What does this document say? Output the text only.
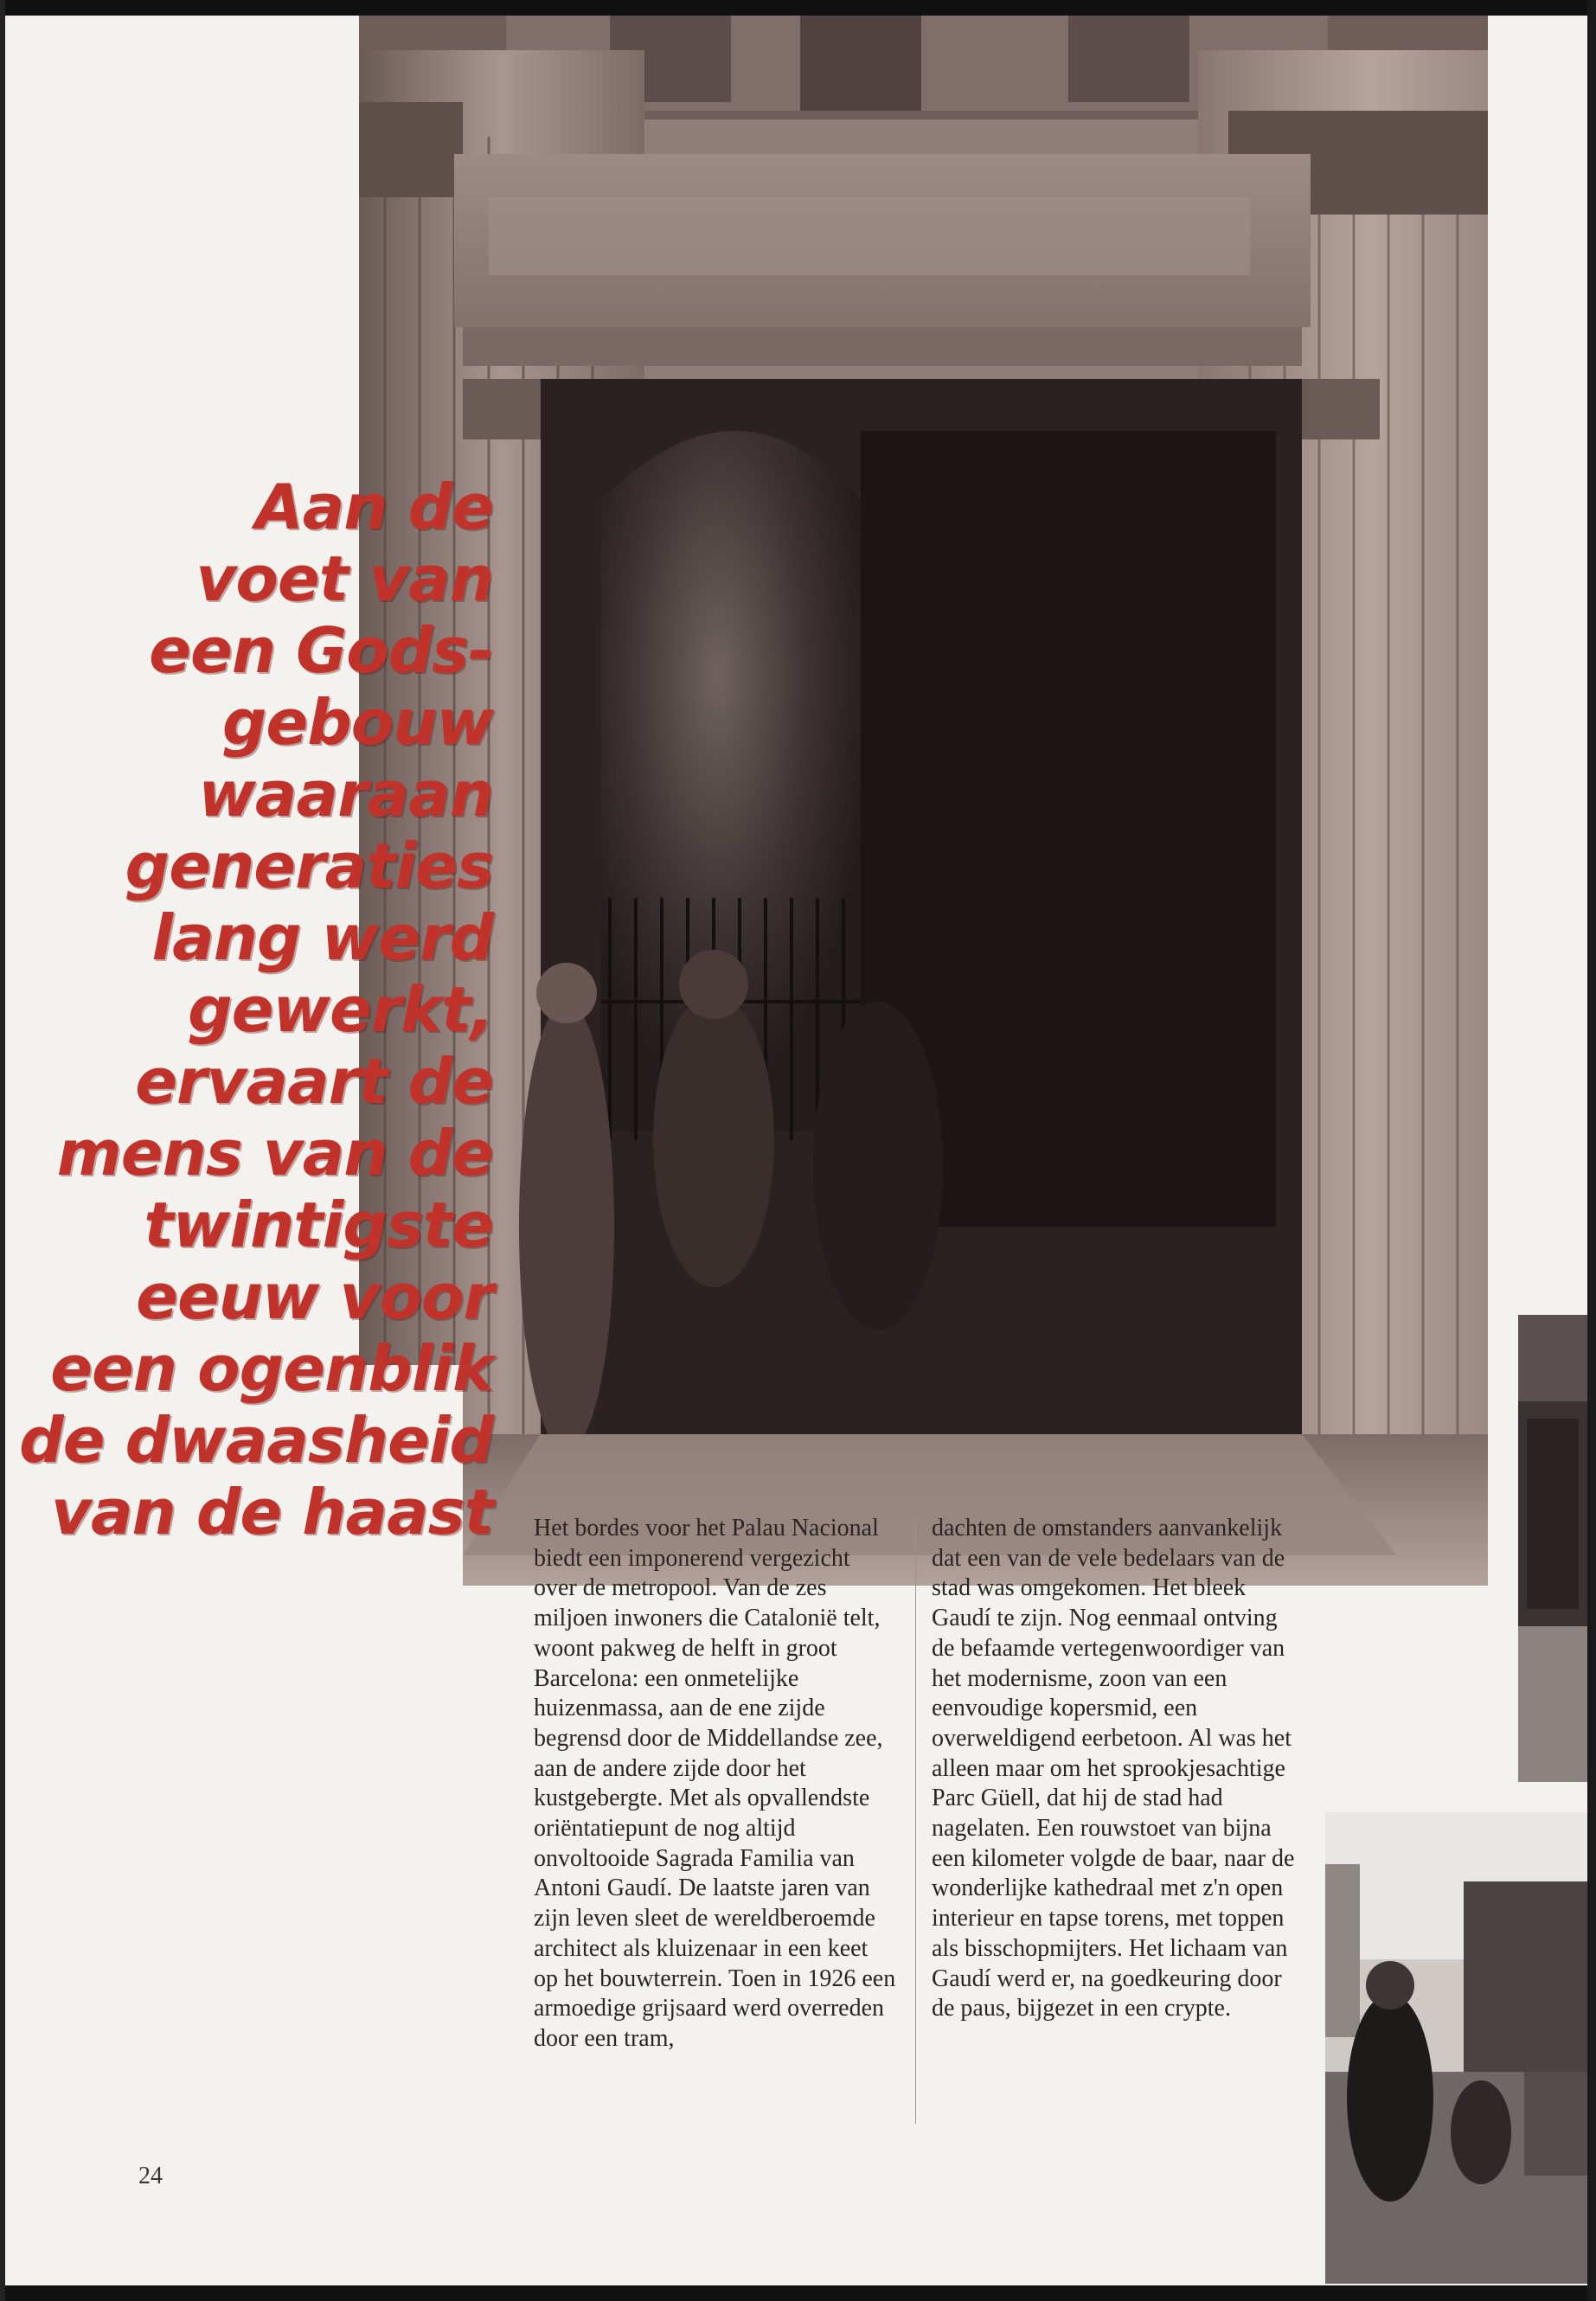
Aan de
voet van
een Gods-
gebouw
waaraan
generaties
lang werd
gewerkt,
ervaart de
mens van de
twintigste
eeuw voor
een ogenblik
de dwaasheid
van de haast Het bordes voor het Palau Nacional biedt een imponerend vergezicht over de metropool. Van de zes miljoen inwoners die Catalonië telt, woont pakweg de helft in groot Barcelona: een onmetelijke huizenmassa, aan de ene zijde begrensd door de Middellandse zee, aan de andere zijde door het kustgebergte. Met als opvallendste oriëntatiepunt de nog altijd onvoltooide Sagrada Familia van Antoni Gaudí. De laatste jaren van zijn leven sleet de wereldberoemde architect als kluizenaar in een keet op het bouwterrein. Toen in 1926 een armoedige grijsaard werd overreden door een tram,

dachten de omstanders aanvankelijk dat een van de vele bedelaars van de stad was omgekomen. Het bleek Gaudí te zijn. Nog eenmaal ontving de befaamde vertegenwoordiger van het modernisme, zoon van een eenvoudige kopersmid, een overweldigend eerbetoon. Al was het alleen maar om het sprookjesachtige Parc Güell, dat hij de stad had nagelaten. Een rouwstoet van bijna een kilometer volgde de baar, naar de wonderlijke kathedraal met z'n open interieur en tapse torens, met toppen als bisschopmijters. Het lichaam van Gaudí werd er, na goedkeuring door de paus, bijgezet in een crypte.

24
